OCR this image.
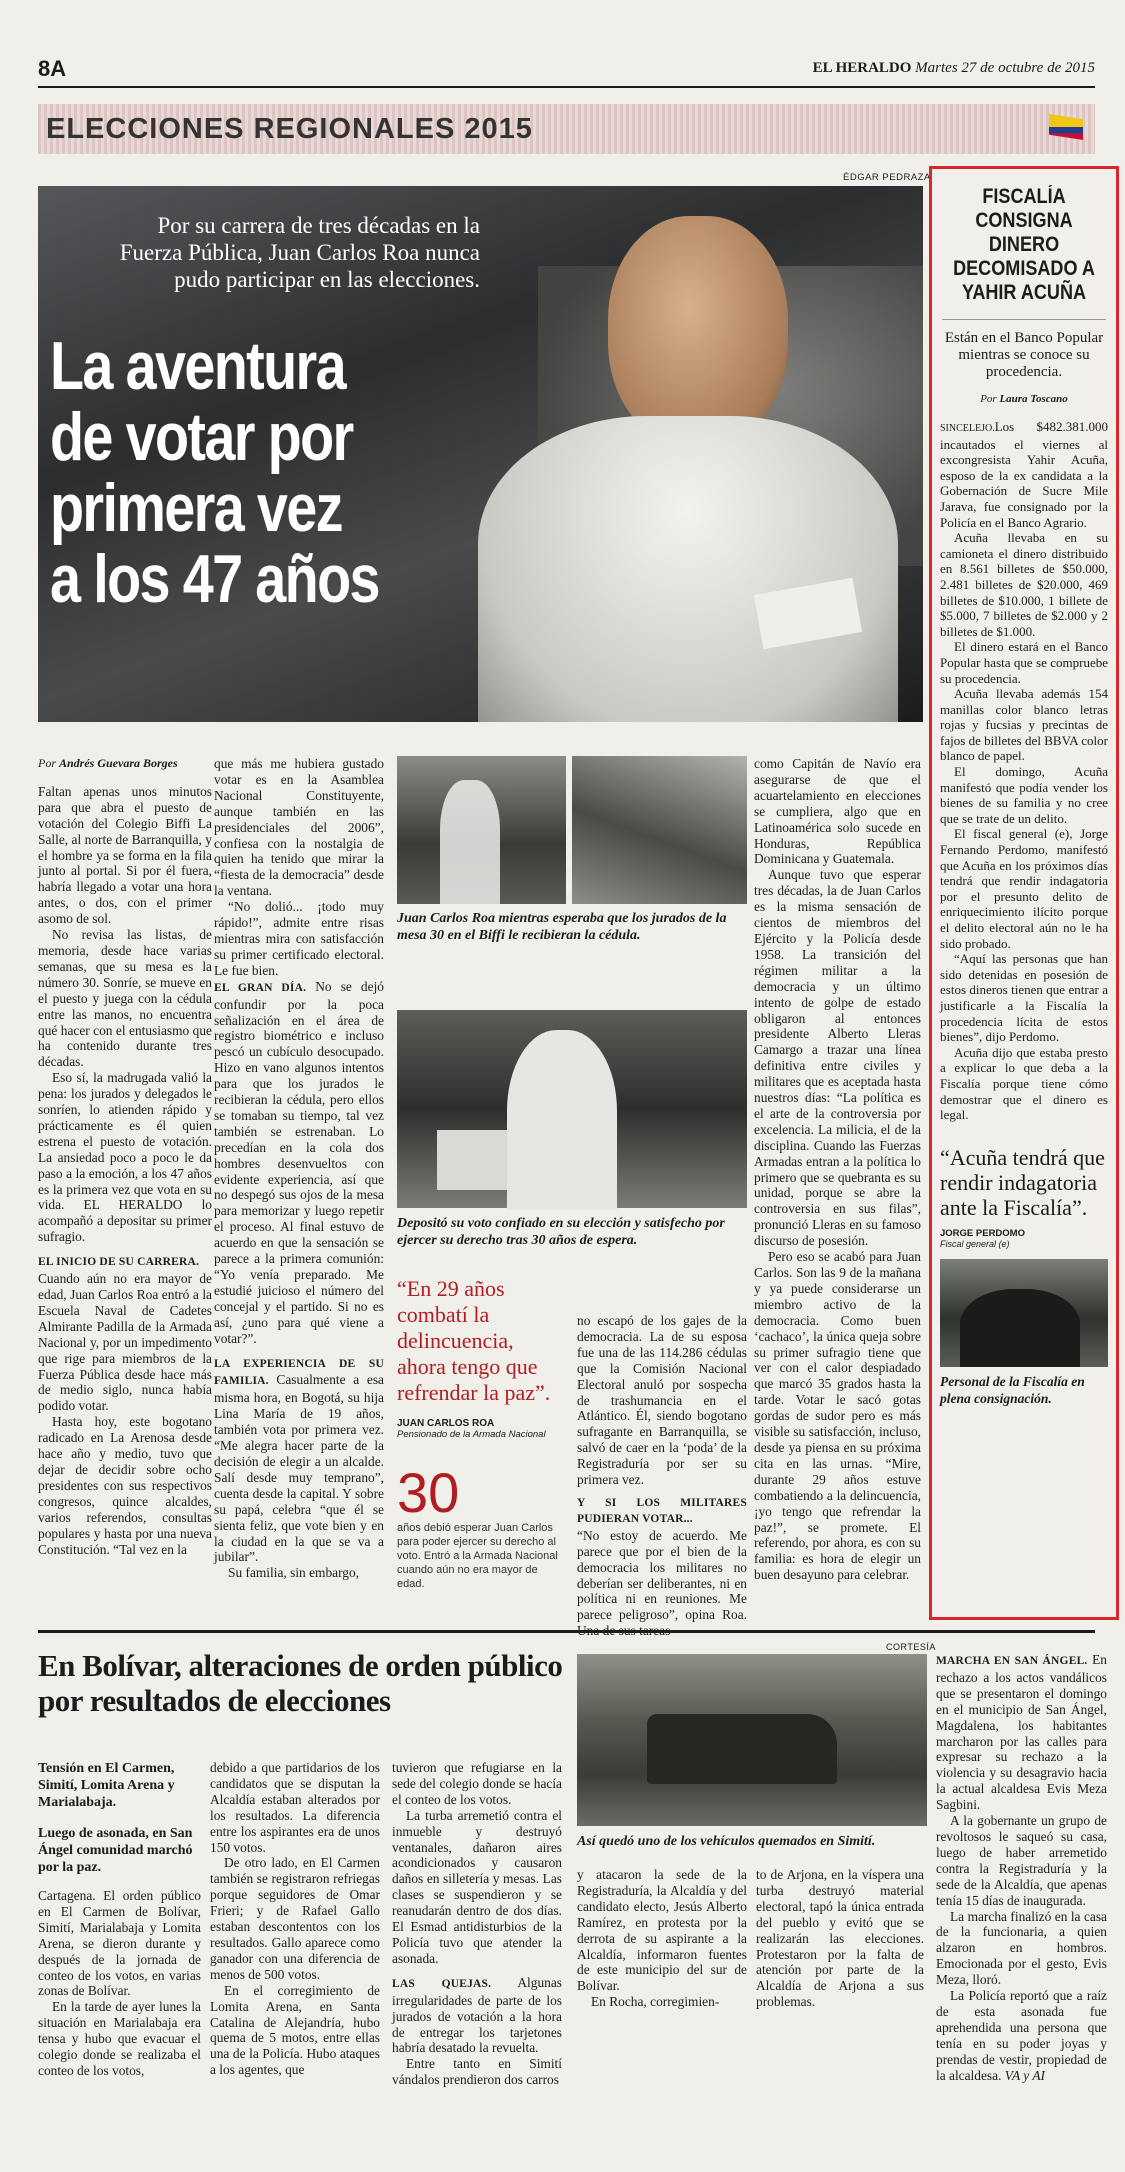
8A	EL HERALDO Martes 27 de octubre de 2015
ELECCIONES REGIONALES 2015
ÉDGAR PEDRAZA
Por su carrera de tres décadas en la Fuerza Pública, Juan Carlos Roa nunca pudo participar en las elecciones.
La aventura
de votar por
primera vez
a los 47 años

Por Andrés Guevara Borges

Faltan apenas unos minutos para que abra el puesto de votación del Colegio Biffi La Salle, al norte de Barranquilla, y el hombre ya se forma en la fila junto al portal. Si por él fuera, habría llegado a votar una hora antes, o dos, con el primer asomo de sol.

No revisa las listas, de memoria, desde hace varias semanas, que su mesa es la número 30. Sonríe, se mueve en el puesto y juega con la cédula entre las manos, no encuentra qué hacer con el entusiasmo que ha contenido durante tres décadas.

Eso sí, la madrugada valió la pena: los jurados y delegados le sonríen, lo atienden rápido y prácticamente es él quien estrena el puesto de votación. La ansiedad poco a poco le da paso a la emoción, a los 47 años es la primera vez que vota en su vida. EL HERALDO lo acompañó a depositar su primer sufragio.

EL INICIO DE SU CARRERA.

Cuando aún no era mayor de edad, Juan Carlos Roa entró a la Escuela Naval de Cadetes Almirante Padilla de la Armada Nacional y, por un impedimento que rige para miembros de la Fuerza Pública desde hace más de medio siglo, nunca había podido votar.

Hasta hoy, este bogotano radicado en La Arenosa desde hace año y medio, tuvo que dejar de decidir sobre ocho presidentes con sus respectivos congresos, quince alcaldes, varios referendos, consultas populares y hasta por una nueva Constitución. “Tal vez en la

que más me hubiera gustado votar es en la Asamblea Nacional Constituyente, aunque también en las presidenciales del 2006”, confiesa con la nostalgia de quien ha tenido que mirar la “fiesta de la democracia” desde la ventana.

“No dolió... ¡todo muy rápido!”, admite entre risas mientras mira con satisfacción su primer certificado electoral. Le fue bien.

EL GRAN DÍA. No se dejó confundir por la poca señalización en el área de registro biométrico e incluso pescó un cubículo desocupado. Hizo en vano algunos intentos para que los jurados le recibieran la cédula, pero ellos se tomaban su tiempo, tal vez también se estrenaban. Lo precedían en la cola dos hombres desenvueltos con evidente experiencia, así que no despegó sus ojos de la mesa para memorizar y luego repetir el proceso. Al final estuvo de acuerdo en que la sensación se parece a la primera comunión: “Yo venía preparado. Me estudié juicioso el número del concejal y el partido. Si no es así, ¿uno para qué viene a votar?”.

LA EXPERIENCIA DE SU FAMILIA. Casualmente a esa misma hora, en Bogotá, su hija Lina María de 19 años, también vota por primera vez. “Me alegra hacer parte de la decisión de elegir a un alcalde. Salí desde muy temprano”, cuenta desde la capital. Y sobre su papá, celebra “que él se sienta feliz, que vote bien y en la ciudad en la que se va a jubilar”.

Su familia, sin embargo,

Juan Carlos Roa mientras esperaba que los jurados de la mesa 30 en el Biffi le recibieran la cédula.
Depositó su voto confiado en su elección y satisfecho por ejercer su derecho tras 30 años de espera.
“En 29 años combatí la delincuencia, ahora tengo que refrendar la paz”.
JUAN CARLOS ROA
Pensionado de la Armada Nacional
30
años debió esperar Juan Carlos para poder ejercer su derecho al voto. Entró a la Armada Nacional cuando aún no era mayor de edad.

no escapó de los gajes de la democracia. La de su esposa fue una de las 114.286 cédulas que la Comisión Nacional Electoral anuló por sospecha de trashumancia en el Atlántico. Él, siendo bogotano sufragante en Barranquilla, se salvó de caer en la ‘poda’ de la Registraduría por ser su primera vez.

Y SI LOS MILITARES PUDIERAN VOTAR...

“No estoy de acuerdo. Me parece que por el bien de la democracia los militares no deberían ser deliberantes, ni en política ni en reuniones. Me parece peligroso”, opina Roa.

como Capitán de Navío era asegurarse de que el acuartelamiento en elecciones se cumpliera, algo que en Latinoamérica solo sucede en Honduras, República Dominicana y Guatemala.

Aunque tuvo que esperar tres décadas, la de Juan Carlos es la misma sensación de cientos de miembros del Ejército y la Policía desde 1958. La transición del régimen militar a la democracia y un último intento de golpe de estado obligaron al entonces presidente Alberto Lleras Camargo a trazar una línea definitiva entre civiles y militares que es aceptada hasta nuestros días: “La política es el arte de la controversia por excelencia. La milicia, el de la disciplina. Cuando las Fuerzas Armadas entran a la política lo primero que se quebranta es su unidad, porque se abre la controversia en sus filas”, pronunció Lleras en su famoso discurso de posesión.

Pero eso se acabó para Juan Carlos. Son las 9 de la mañana y ya puede considerarse un miembro activo de la democracia. Como buen ‘cachaco’, la única queja sobre su primer sufragio tiene que ver con el calor despiadado que marcó 35 grados hasta la tarde. Votar le sacó gotas gordas de sudor pero es más visible su satisfacción, incluso, desde ya piensa en su próxima cita en las urnas. “Mire, durante 29 años estuve combatiendo a la delincuencia, ¡yo tengo que refrendar la paz!”, se promete. El referendo, por ahora, es con su familia: es hora de elegir un buen desayuno para celebrar.

FISCALÍA
CONSIGNA
DINERO
DECOMISADO A
YAHIR ACUÑA
Están en el Banco Popular mientras se conoce su procedencia.
Por Laura Toscano

SINCELEJO.Los $482.381.000 incautados el viernes al excongresista Yahir Acuña, esposo de la ex candidata a la Gobernación de Sucre Mile Jarava, fue consignado por la Policía en el Banco Agrario.

Acuña llevaba en su camioneta el dinero distribuido en 8.561 billetes de $50.000, 2.481 billetes de $20.000, 469 billetes de $10.000, 1 billete de $5.000, 7 billetes de $2.000 y 2 billetes de $1.000.

El dinero estará en el Banco Popular hasta que se compruebe su procedencia.

Acuña llevaba además 154 manillas color blanco letras rojas y fucsias y precintas de fajos de billetes del BBVA color blanco de papel.

El domingo, Acuña manifestó que podía vender los bienes de su familia y no cree que se trate de un delito.

El fiscal general (e), Jorge Fernando Perdomo, manifestó que Acuña en los próximos días tendrá que rendir indagatoria por el presunto delito de enriquecimiento ilícito porque el delito electoral aún no le ha sido probado.

“Aquí las personas que han sido detenidas en posesión de estos dineros tienen que entrar a justificarle a la Fiscalía la procedencia lícita de estos bienes”, dijo Perdomo.

Acuña dijo que estaba presto a explicar lo que deba a la Fiscalía porque tiene cómo demostrar que el dinero es legal.

“Acuña tendrá que rendir indagatoria ante la Fiscalía”.
JORGE PERDOMO
Fiscal general (e)
Personal de la Fiscalía en plena consignación.
En Bolívar, alteraciones de orden público por resultados de elecciones
Tensión en El Carmen, Simití, Lomita Arena y Marialabaja.
Luego de asonada, en San Ángel comunidad marchó por la paz.

Cartagena. El orden público en El Carmen de Bolívar, Simití, Marialabaja y Lomita Arena, se dieron durante y después de la jornada de conteo de los votos, en varias zonas de Bolívar.

En la tarde de ayer lunes la situación en Marialabaja era tensa y hubo que evacuar el colegio donde se realizaba el conteo de los votos,

debido a que partidarios de los candidatos que se disputan la Alcaldía estaban alterados por los resultados. La diferencia entre los aspirantes era de unos 150 votos.

De otro lado, en El Carmen también se registraron refriegas porque seguidores de Omar Frieri; y de Rafael Gallo estaban descontentos con los resultados. Gallo aparece como ganador con una diferencia de menos de 500 votos.

En el corregimiento de Lomita Arena, en Santa Catalina de Alejandría, hubo quema de 5 motos, entre ellas una de la Policía. Hubo ataques a los agentes, que

tuvieron que refugiarse en la sede del colegio donde se hacía el conteo de los votos.

La turba arremetió contra el inmueble y destruyó ventanales, dañaron aires acondicionados y causaron daños en silletería y mesas. Las clases se suspendieron y se reanudarán dentro de dos días. El Esmad antidisturbios de la Policía tuvo que atender la asonada.

LAS QUEJAS. Algunas irregularidades de parte de los jurados de votación a la hora de entregar los tarjetones habría desatado la revuelta.

Entre tanto en Simití vándalos prendieron dos carros

CORTESÍA
Así quedó uno de los vehículos quemados en Simití.

y atacaron la sede de la Registraduría, la Alcaldía y del candidato electo, Jesús Alberto Ramírez, en protesta por la derrota de su aspirante a la Alcaldía, informaron fuentes de este municipio del sur de Bolívar.

En Rocha, corregimien-

to de Arjona, en la víspera una turba destruyó material electoral, tapó la única entrada del pueblo y evitó que se realizarán las elecciones. Protestaron por la falta de atención por parte de la Alcaldía de Arjona a sus problemas.

MARCHA EN SAN ÁNGEL. En rechazo a los actos vandálicos que se presentaron el domingo en el municipio de San Ángel, Magdalena, los habitantes marcharon por las calles para expresar su rechazo a la violencia y su desagravio hacia la actual alcaldesa Evis Meza Sagbini.

A la gobernante un grupo de revoltosos le saqueó su casa, luego de haber arremetido contra la Registraduría y la sede de la Alcaldía, que apenas tenía 15 días de inaugurada.

La marcha finalizó en la casa de la funcionaria, a quien alzaron en hombros. Emocionada por el gesto, Evis Meza, lloró.

La Policía reportó que a raíz de esta asonada fue aprehendida una persona que tenía en su poder joyas y prendas de vestir, propiedad de la alcaldesa. VA y AI
